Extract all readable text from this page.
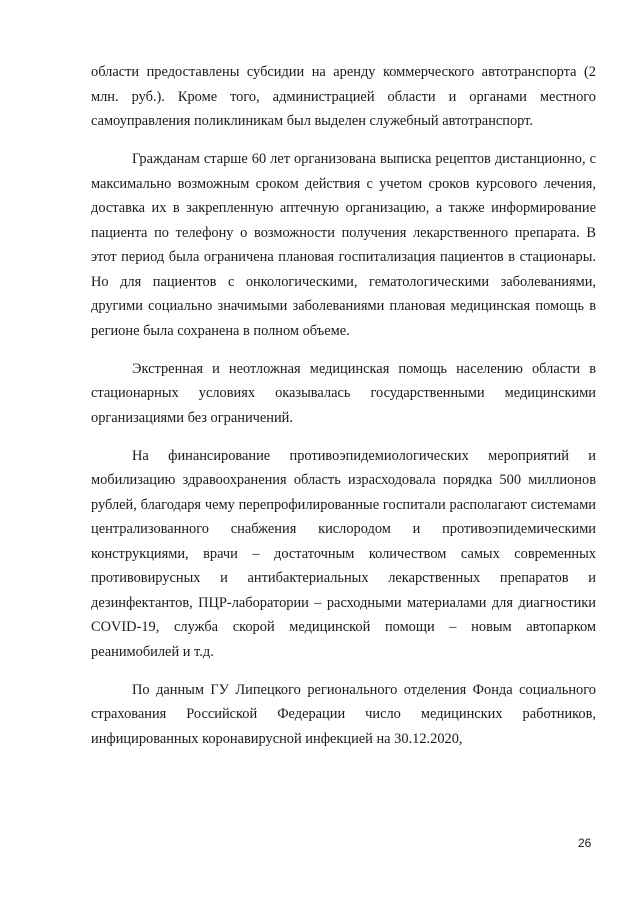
области предоставлены субсидии на аренду коммерческого автотранспорта (2 млн. руб.). Кроме того, администрацией области и органами местного самоуправления поликлиникам был выделен служебный автотранспорт.

Гражданам старше 60 лет организована выписка рецептов дистанционно, с максимально возможным сроком действия с учетом сроков курсового лечения, доставка их в закрепленную аптечную организацию, а также информирование пациента по телефону о возможности получения лекарственного препарата. В этот период была ограничена плановая госпитализация пациентов в стационары. Но для пациентов с онкологическими, гематологическими заболеваниями, другими социально значимыми заболеваниями плановая медицинская помощь в регионе была сохранена в полном объеме.

Экстренная и неотложная медицинская помощь населению области в стационарных условиях оказывалась государственными медицинскими организациями без ограничений.

На финансирование противоэпидемиологических мероприятий и мобилизацию здравоохранения область израсходовала порядка 500 миллионов рублей, благодаря чему перепрофилированные госпитали располагают системами централизованного снабжения кислородом и противоэпидемическими конструкциями, врачи – достаточным количеством самых современных противовирусных и антибактериальных лекарственных препаратов и дезинфектантов, ПЦР-лаборатории – расходными материалами для диагностики COVID-19, служба скорой медицинской помощи – новым автопарком реанимобилей и т.д.

По данным ГУ Липецкого регионального отделения Фонда социального страхования Российской Федерации число медицинских работников, инфицированных коронавирусной инфекцией на 30.12.2020,

26
